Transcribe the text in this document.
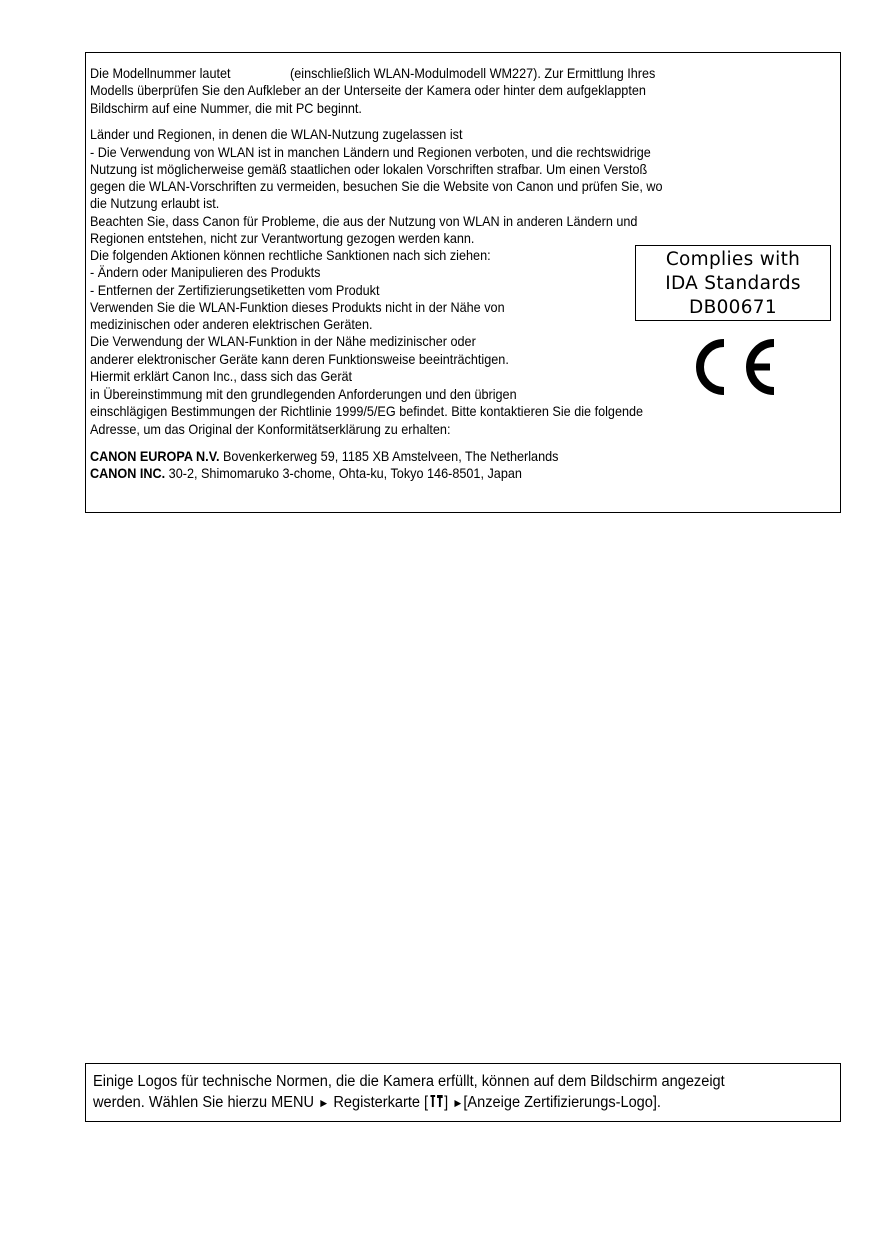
Die Modellnummer lautet	(einschließlich WLAN-Modulmodell WM227). Zur Ermittlung Ihres
Modells überprüfen Sie den Aufkleber an der Unterseite der Kamera oder hinter dem aufgeklappten
Bildschirm auf eine Nummer, die mit PC beginnt.
Länder und Regionen, in denen die WLAN-Nutzung zugelassen ist
- Die Verwendung von WLAN ist in manchen Ländern und Regionen verboten, und die rechtswidrige
Nutzung ist möglicherweise gemäß staatlichen oder lokalen Vorschriften strafbar. Um einen Verstoß
gegen die WLAN-Vorschriften zu vermeiden, besuchen Sie die Website von Canon und prüfen Sie, wo
die Nutzung erlaubt ist.
Beachten Sie, dass Canon für Probleme, die aus der Nutzung von WLAN in anderen Ländern und
Regionen entstehen, nicht zur Verantwortung gezogen werden kann.
Die folgenden Aktionen können rechtliche Sanktionen nach sich ziehen:
- Ändern oder Manipulieren des Produkts
- Entfernen der Zertifizierungsetiketten vom Produkt
Verwenden Sie die WLAN-Funktion dieses Produkts nicht in der Nähe von
medizinischen oder anderen elektrischen Geräten.
Die Verwendung der WLAN-Funktion in der Nähe medizinischer oder
anderer elektronischer Geräte kann deren Funktionsweise beeinträchtigen.
Hiermit erklärt Canon Inc., dass sich das Gerät
in Übereinstimmung mit den grundlegenden Anforderungen und den übrigen
einschlägigen Bestimmungen der Richtlinie 1999/5/EG befindet. Bitte kontaktieren Sie die folgende
Adresse, um das Original der Konformitätserklärung zu erhalten:
CANON EUROPA N.V. Bovenkerkerweg 59, 1185 XB Amstelveen, The Netherlands
CANON INC. 30-2, Shimomaruko 3-chome, Ohta-ku, Tokyo 146-8501, Japan
Complies with
IDA Standards
DB00671
Einige Logos für technische Normen, die die Kamera erfüllt, können auf dem Bildschirm angezeigt
werden. Wählen Sie hierzu MENU ► Registerkarte [ ] ►[Anzeige Zertifizierungs-Logo].
